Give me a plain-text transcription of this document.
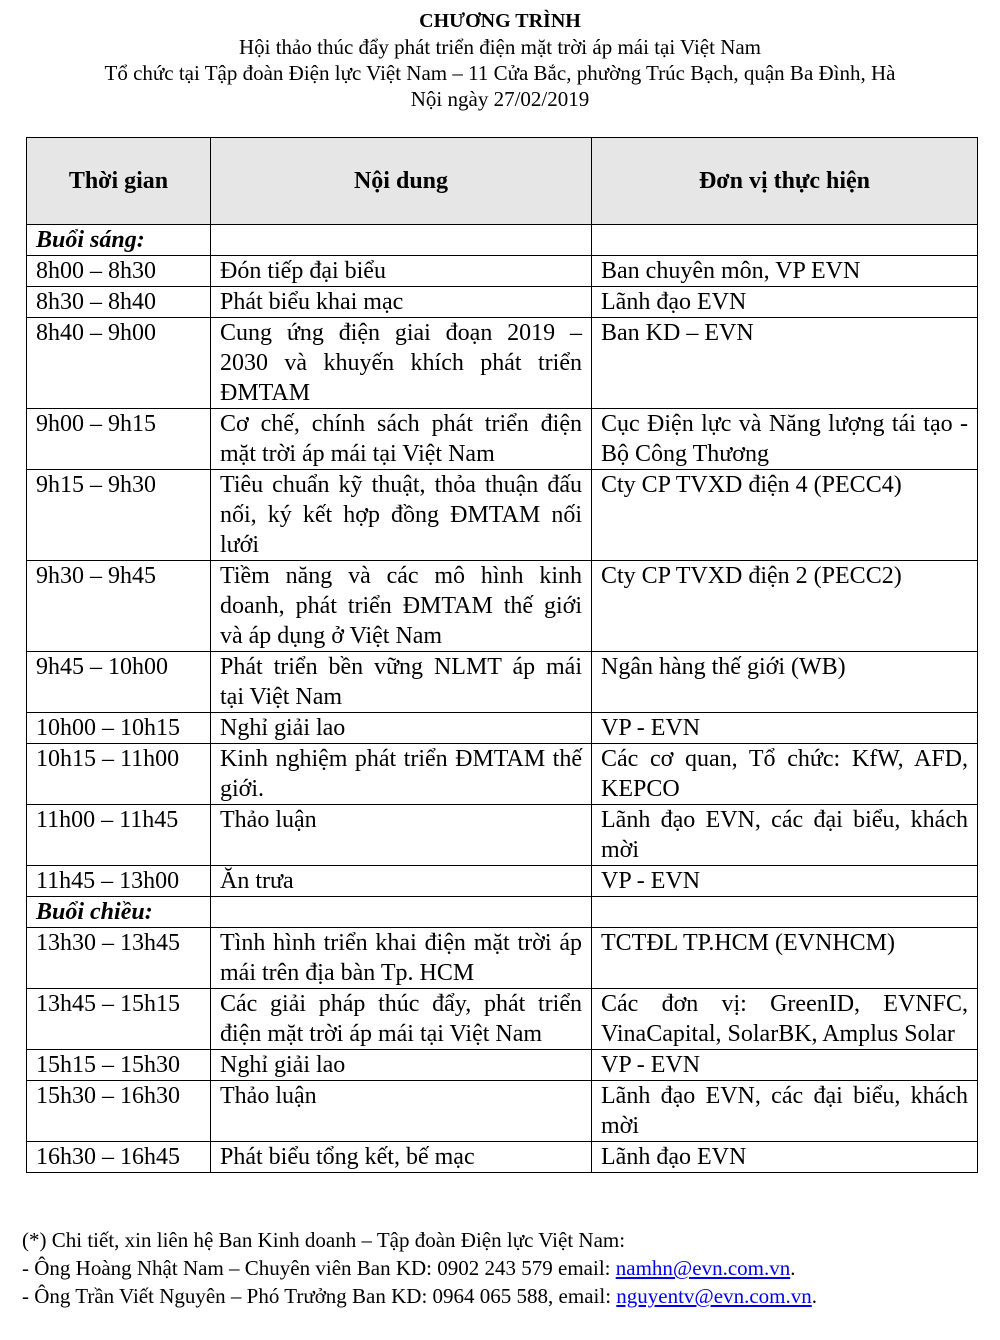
CHƯƠNG TRÌNH
Hội thảo thúc đẩy phát triển điện mặt trời áp mái tại Việt Nam
Tổ chức tại Tập đoàn Điện lực Việt Nam – 11 Cửa Bắc, phường Trúc Bạch, quận Ba Đình, Hà
Nội ngày 27/02/2019
Thời gian	Nội dung	Đơn vị thực hiện
Buổi sáng:		
8h00 – 8h30	Đón tiếp đại biểu	Ban chuyên môn, VP EVN
8h30 – 8h40	Phát biểu khai mạc	Lãnh đạo EVN
8h40 – 9h00	Cung ứng điện giai đoạn 2019 – 2030 và khuyến khích phát triển ĐMTAM	Ban KD – EVN
9h00 – 9h15	Cơ chế, chính sách phát triển điện mặt trời áp mái tại Việt Nam	Cục Điện lực và Năng lượng tái tạo - Bộ Công Thương
9h15 – 9h30	Tiêu chuẩn kỹ thuật, thỏa thuận đấu nối, ký kết hợp đồng ĐMTAM nối lưới	Cty CP TVXD điện 4 (PECC4)
9h30 – 9h45	Tiềm năng và các mô hình kinh doanh, phát triển ĐMTAM thế giới và áp dụng ở Việt Nam	Cty CP TVXD điện 2 (PECC2)
9h45 – 10h00	Phát triển bền vững NLMT áp mái tại Việt Nam	Ngân hàng thế giới (WB)
10h00 – 10h15	Nghỉ giải lao	VP - EVN
10h15 – 11h00	Kinh nghiệm phát triển ĐMTAM thế giới.	Các cơ quan, Tổ chức: KfW, AFD, KEPCO
11h00 – 11h45	Thảo luận	Lãnh đạo EVN, các đại biểu, khách mời
11h45 – 13h00	Ăn trưa	VP - EVN
Buổi chiều:		
13h30 – 13h45	Tình hình triển khai điện mặt trời áp mái trên địa bàn Tp. HCM	TCTĐL TP.HCM (EVNHCM)
13h45 – 15h15	Các giải pháp thúc đẩy, phát triển điện mặt trời áp mái tại Việt Nam	Các đơn vị: GreenID, EVNFC, VinaCapital, SolarBK, Amplus Solar
15h15 – 15h30	Nghỉ giải lao	VP - EVN
15h30 – 16h30	Thảo luận	Lãnh đạo EVN, các đại biểu, khách mời
16h30 – 16h45	Phát biểu tổng kết, bế mạc	Lãnh đạo EVN
(*) Chi tiết, xin liên hệ Ban Kinh doanh – Tập đoàn Điện lực Việt Nam:
- Ông Hoàng Nhật Nam – Chuyên viên Ban KD: 0902 243 579 email: namhn@evn.com.vn.
- Ông Trần Viết Nguyên – Phó Trưởng Ban KD: 0964 065 588, email: nguyentv@evn.com.vn.
